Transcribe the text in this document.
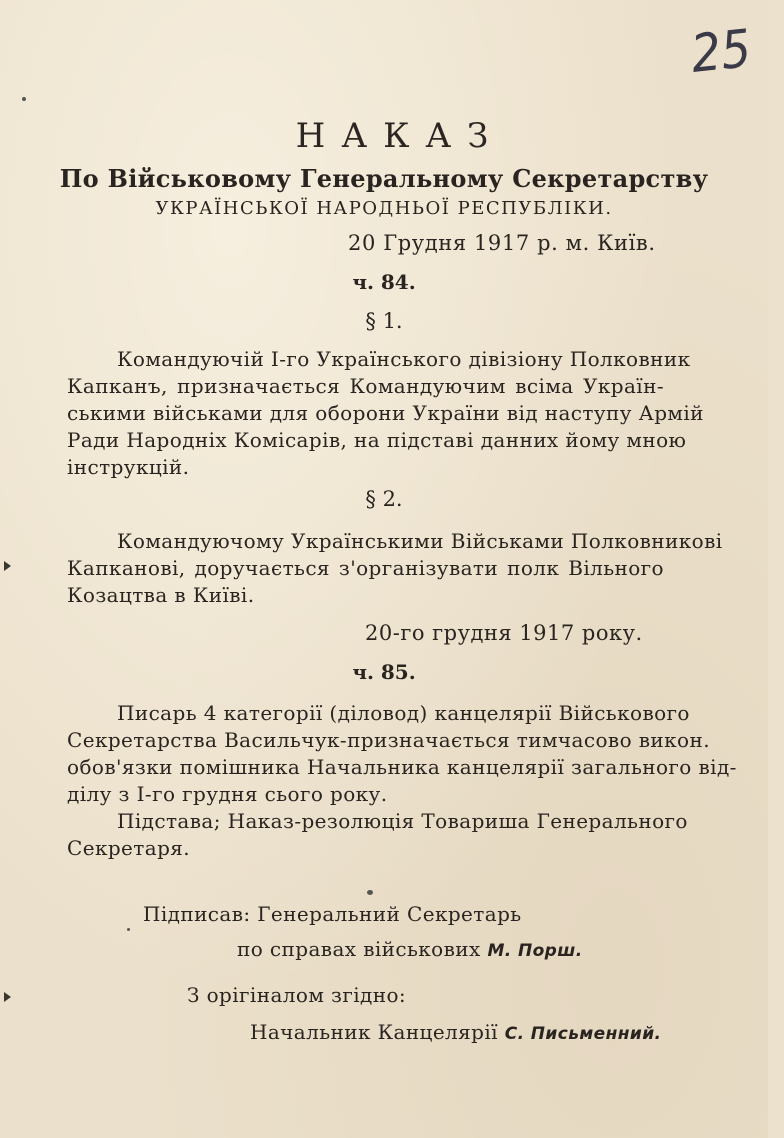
25
НАКАЗ
По Військовому Генеральному Секретарству
УКРАЇНСЬКОЇ НАРОДНЬОЇ РЕСПУБЛІКИ.
20 Грудня 1917 р. м. Київ.
ч. 84.
§ 1.
Командуючій І-го Українського дівізіону Полковник
Капканъ, призначається Командуючим всіма Україн-
ськими військами для оборони України від наступу Армій
Ради Народніх Комісарів, на підставі данних йому мною
інструкцій.
§ 2.
Командуючому Українськими Військами Полковникові
Капканові, доручається з'організувати полк Вільного
Козацтва в Київі.
20-го грудня 1917 року.
ч. 85.
Писарь 4 категорії (діловод) канцелярії Військового
Секретарства Васильчук-призначається тимчасово викон.
обов'язки помішника Начальника канцелярії загального від-
ділу з І-го грудня сього року.
Підстава; Наказ-резолюція Товариша Генерального
Секретаря.
Підписав: Генеральний Секретарь
по справах військових М. Порш.
З орігіналом згідно:
Начальник Канцелярії С. Письменний.
